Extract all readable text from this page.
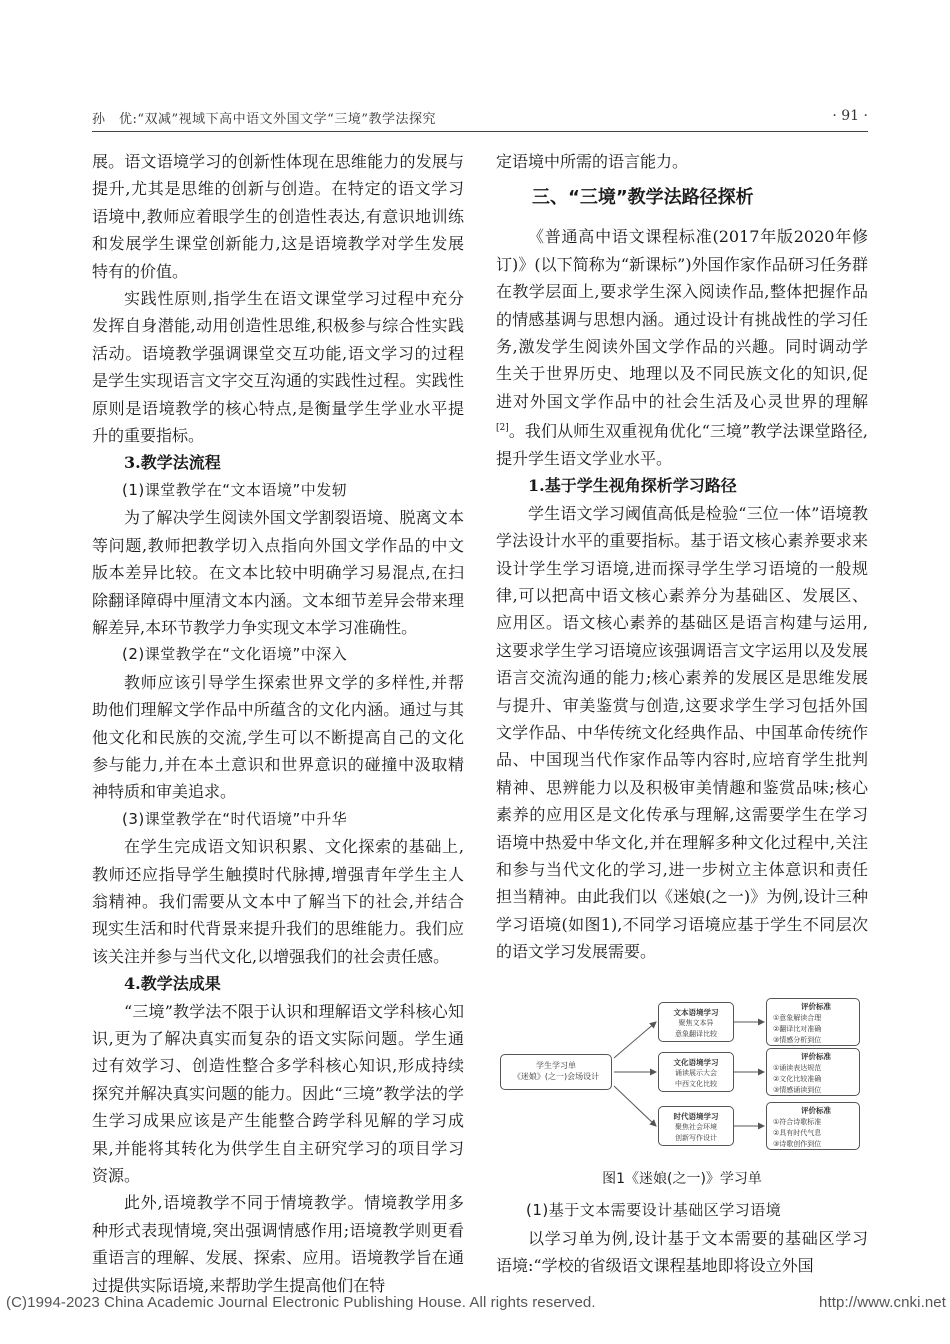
孙　优:“双减”视域下高中语文外国文学“三境”教学法探究	· 91 ·

展。语文语境学习的创新性体现在思维能力的发展与提升,尤其是思维的创新与创造。在特定的语文学习语境中,教师应着眼学生的创造性表达,有意识地训练和发展学生课堂创新能力,这是语境教学对学生发展特有的价值。

实践性原则,指学生在语文课堂学习过程中充分发挥自身潜能,动用创造性思维,积极参与综合性实践活动。语境教学强调课堂交互功能,语文学习的过程是学生实现语言文字交互沟通的实践性过程。实践性原则是语境教学的核心特点,是衡量学生学业水平提升的重要指标。

3.教学法流程

(1)课堂教学在“文本语境”中发轫

为了解决学生阅读外国文学割裂语境、脱离文本等问题,教师把教学切入点指向外国文学作品的中文版本差异比较。在文本比较中明确学习易混点,在扫除翻译障碍中厘清文本内涵。文本细节差异会带来理解差异,本环节教学力争实现文本学习准确性。

(2)课堂教学在“文化语境”中深入

教师应该引导学生探索世界文学的多样性,并帮助他们理解文学作品中所蕴含的文化内涵。通过与其他文化和民族的交流,学生可以不断提高自己的文化参与能力,并在本土意识和世界意识的碰撞中汲取精神特质和审美追求。

(3)课堂教学在“时代语境”中升华

在学生完成语文知识积累、文化探索的基础上,教师还应指导学生触摸时代脉搏,增强青年学生主人翁精神。我们需要从文本中了解当下的社会,并结合现实生活和时代背景来提升我们的思维能力。我们应该关注并参与当代文化,以增强我们的社会责任感。

4.教学法成果

“三境”教学法不限于认识和理解语文学科核心知识,更为了解决真实而复杂的语文实际问题。学生通过有效学习、创造性整合多学科核心知识,形成持续探究并解决真实问题的能力。因此“三境”教学法的学生学习成果应该是产生能整合跨学科见解的学习成果,并能将其转化为供学生自主研究学习的项目学习资源。

此外,语境教学不同于情境教学。情境教学用多种形式表现情境,突出强调情感作用;语境教学则更看重语言的理解、发展、探索、应用。语境教学旨在通过提供实际语境,来帮助学生提高他们在特

定语境中所需的语言能力。

三、“三境”教学法路径探析

《普通高中语文课程标准(2017年版2020年修订)》(以下简称为“新课标”)外国作家作品研习任务群在教学层面上,要求学生深入阅读作品,整体把握作品的情感基调与思想内涵。通过设计有挑战性的学习任务,激发学生阅读外国文学作品的兴趣。同时调动学生关于世界历史、地理以及不同民族文化的知识,促进对外国文学作品中的社会生活及心灵世界的理解[2]。我们从师生双重视角优化“三境”教学法课堂路径,提升学生语文学业水平。

1.基于学生视角探析学习路径

学生语文学习阈值高低是检验“三位一体”语境教学法设计水平的重要指标。基于语文核心素养要求来设计学生学习语境,进而探寻学生学习语境的一般规律,可以把高中语文核心素养分为基础区、发展区、应用区。语文核心素养的基础区是语言构建与运用,这要求学生学习语境应该强调语言文字运用以及发展语言交流沟通的能力;核心素养的发展区是思维发展与提升、审美鉴赏与创造,这要求学生学习包括外国文学作品、中华传统文化经典作品、中国革命传统作品、中国现当代作家作品等内容时,应培育学生批判精神、思辨能力以及积极审美情趣和鉴赏品味;核心素养的应用区是文化传承与理解,这需要学生在学习语境中热爱中华文化,并在理解多种文化过程中,关注和参与当代文化的学习,进一步树立主体意识和责任担当精神。由此我们以《迷娘(之一)》为例,设计三种学习语境(如图1),不同学习语境应基于学生不同层次的语文学习发展需要。

学生学习单
《迷娘》(之一)会场设计
文本语境学习
聚焦文本异
意象翻译比较
文化语境学习
诵读展示大会
中西文化比较
时代语境学习
聚焦社会环境
创新写作设计
评价标准
①意象解读合理
②翻译比对准确
③情感分析到位
评价标准
①诵读表达规范
②文化比较准确
③情感诵读到位
评价标准
①符合诗歌标准
②具有时代气息
③诗歌创作到位
图1《迷娘(之一)》学习单

(1)基于文本需要设计基础区学习语境

以学习单为例,设计基于文本需要的基础区学习语境:“学校的省级语文课程基地即将设立外国

(C)1994-2023 China Academic Journal Electronic Publishing House. All rights reserved.	http://www.cnki.net
